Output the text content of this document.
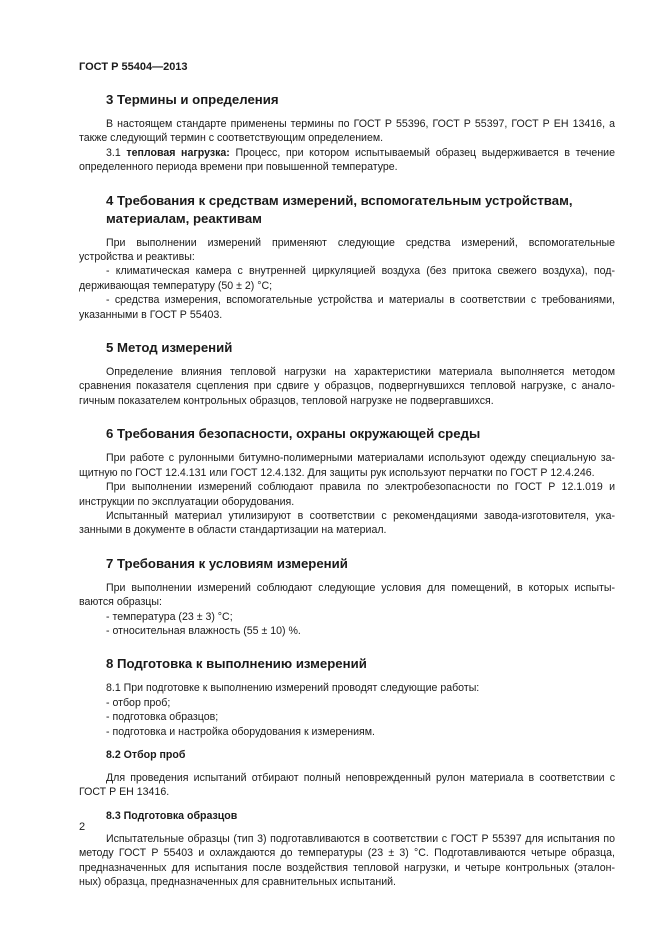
ГОСТ Р 55404—2013
3 Термины и определения

В настоящем стандарте применены термины по ГОСТ Р 55396, ГОСТ Р 55397, ГОСТ Р ЕН 13416, а также следующий термин с соответствующим определением.

3.1 тепловая нагрузка: Процесс, при котором испытываемый образец выдерживается в течение определенного периода времени при повышенной температуре.

4 Требования к средствам измерений, вспомогательным устройствам,
материалам, реактивам

При выполнении измерений применяют следующие средства измерений, вспомогательные устройства и реактивы:

- климатическая камера с внутренней циркуляцией воздуха (без притока свежего воздуха), под-держивающая температуру (50 ± 2) °С;

- средства измерения, вспомогательные устройства и материалы в соответствии с требованиями, указанными в ГОСТ Р 55403.

5 Метод измерений

Определение влияния тепловой нагрузки на характеристики материала выполняется методом сравнения показателя сцепления при сдвиге у образцов, подвергнувшихся тепловой нагрузке, с анало-гичным показателем контрольных образцов, тепловой нагрузке не подвергавшихся.

6 Требования безопасности, охраны окружающей среды

При работе с рулонными битумно-полимерными материалами используют одежду специальную за-щитную по ГОСТ 12.4.131 или ГОСТ 12.4.132. Для защиты рук используют перчатки по ГОСТ Р 12.4.246.

При выполнении измерений соблюдают правила по электробезопасности по ГОСТ Р 12.1.019 и инструкции по эксплуатации оборудования.

Испытанный материал утилизируют в соответствии с рекомендациями завода-изготовителя, ука-занными в документе в области стандартизации на материал.

7 Требования к условиям измерений

При выполнении измерений соблюдают следующие условия для помещений, в которых испыты-ваются образцы:

- температура (23 ± 3) °С;

- относительная влажность (55 ± 10) %.

8 Подготовка к выполнению измерений

8.1 При подготовке к выполнению измерений проводят следующие работы:

- отбор проб;

- подготовка образцов;

- подготовка и настройка оборудования к измерениям.

8.2 Отбор проб

Для проведения испытаний отбирают полный неповрежденный рулон материала в соответствии с ГОСТ Р ЕН 13416.

8.3 Подготовка образцов

Испытательные образцы (тип 3) подготавливаются в соответствии с ГОСТ Р 55397 для испытания по методу ГОСТ Р 55403 и охлаждаются до температуры (23 ± 3) °С. Подготавливаются четыре образца, предназначенных для испытания после воздействия тепловой нагрузки, и четыре контрольных (эталон-ных) образца, предназначенных для сравнительных испытаний.

2
